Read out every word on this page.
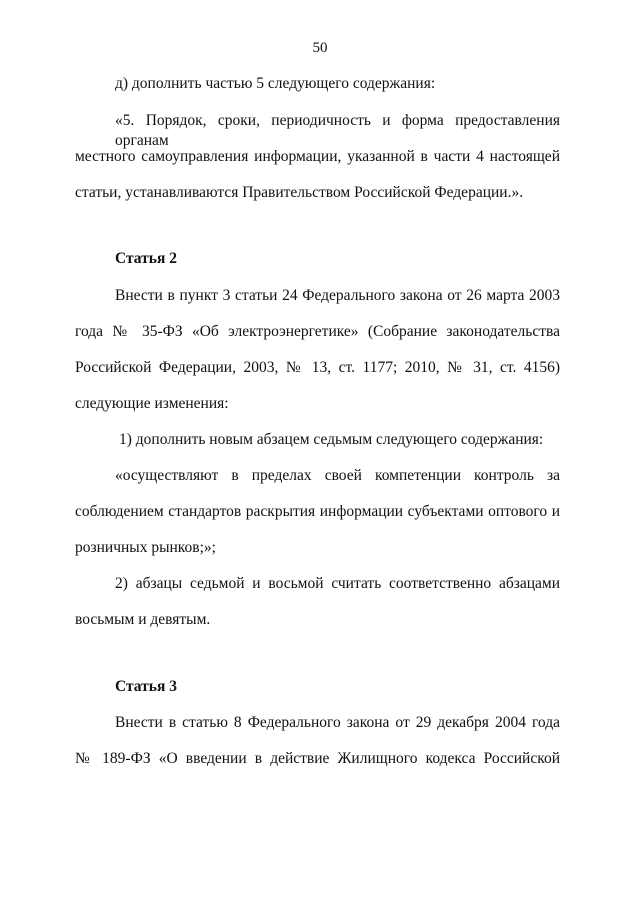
50
д) дополнить частью 5 следующего содержания:
«5. Порядок, сроки, периодичность и форма предоставления органам
местного самоуправления информации, указанной в части 4 настоящей
статьи, устанавливаются Правительством Российской Федерации.».
Статья 2
Внести в пункт 3 статьи 24 Федерального закона от 26 марта 2003
года № 35-ФЗ «Об электроэнергетике» (Собрание законодательства
Российской Федерации, 2003, № 13, ст. 1177; 2010, № 31, ст. 4156)
следующие изменения:
1) дополнить новым абзацем седьмым следующего содержания:
«осуществляют в пределах своей компетенции контроль за
соблюдением стандартов раскрытия информации субъектами оптового и
розничных рынков;»;
2) абзацы седьмой и восьмой считать соответственно абзацами
восьмым и девятым.
Статья 3
Внести в статью 8 Федерального закона от 29 декабря 2004 года
№ 189-ФЗ «О введении в действие Жилищного кодекса Российской
